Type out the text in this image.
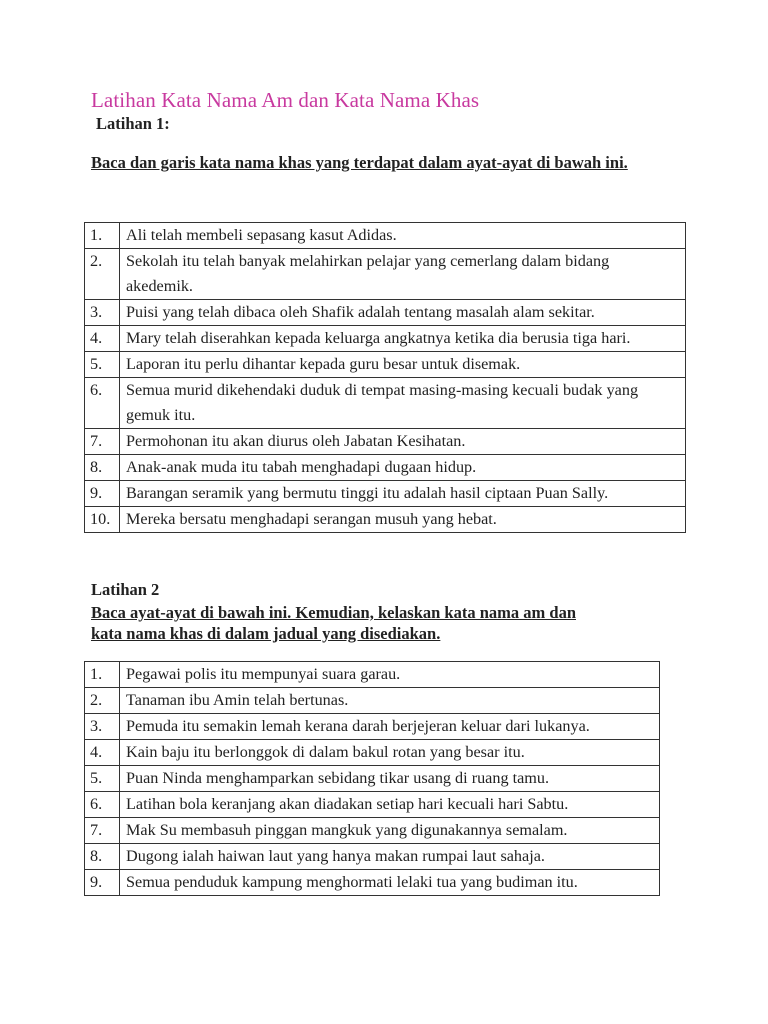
Latihan Kata Nama Am dan Kata Nama Khas
Latihan 1:
Baca dan garis kata nama khas yang terdapat dalam ayat-ayat di bawah ini.
1.	Ali telah membeli sepasang kasut Adidas.
2.	Sekolah itu telah banyak melahirkan pelajar yang cemerlang dalam bidang akedemik.
3.	Puisi yang telah dibaca oleh Shafik adalah tentang masalah alam sekitar.
4.	Mary telah diserahkan kepada keluarga angkatnya ketika dia berusia tiga hari.
5.	Laporan itu perlu dihantar kepada guru besar untuk disemak.
6.	Semua murid dikehendaki duduk di tempat masing-masing kecuali budak yang gemuk itu.
7.	Permohonan itu akan diurus oleh Jabatan Kesihatan.
8.	Anak-anak muda itu tabah menghadapi dugaan hidup.
9.	Barangan seramik yang bermutu tinggi itu adalah hasil ciptaan Puan Sally.
10.	Mereka bersatu menghadapi serangan musuh yang hebat.
Latihan 2
Baca ayat-ayat di bawah ini. Kemudian, kelaskan kata nama am dan
kata nama khas di dalam jadual yang disediakan.
1.	Pegawai polis itu mempunyai suara garau.
2.	Tanaman ibu Amin telah bertunas.
3.	Pemuda itu semakin lemah kerana darah berjejeran keluar dari lukanya.
4.	Kain baju itu berlonggok di dalam bakul rotan yang besar itu.
5.	Puan Ninda menghamparkan sebidang tikar usang di ruang tamu.
6.	Latihan bola keranjang akan diadakan setiap hari kecuali hari Sabtu.
7.	Mak Su membasuh pinggan mangkuk yang digunakannya semalam.
8.	Dugong ialah haiwan laut yang hanya makan rumpai laut sahaja.
9.	Semua penduduk kampung menghormati lelaki tua yang budiman itu.
